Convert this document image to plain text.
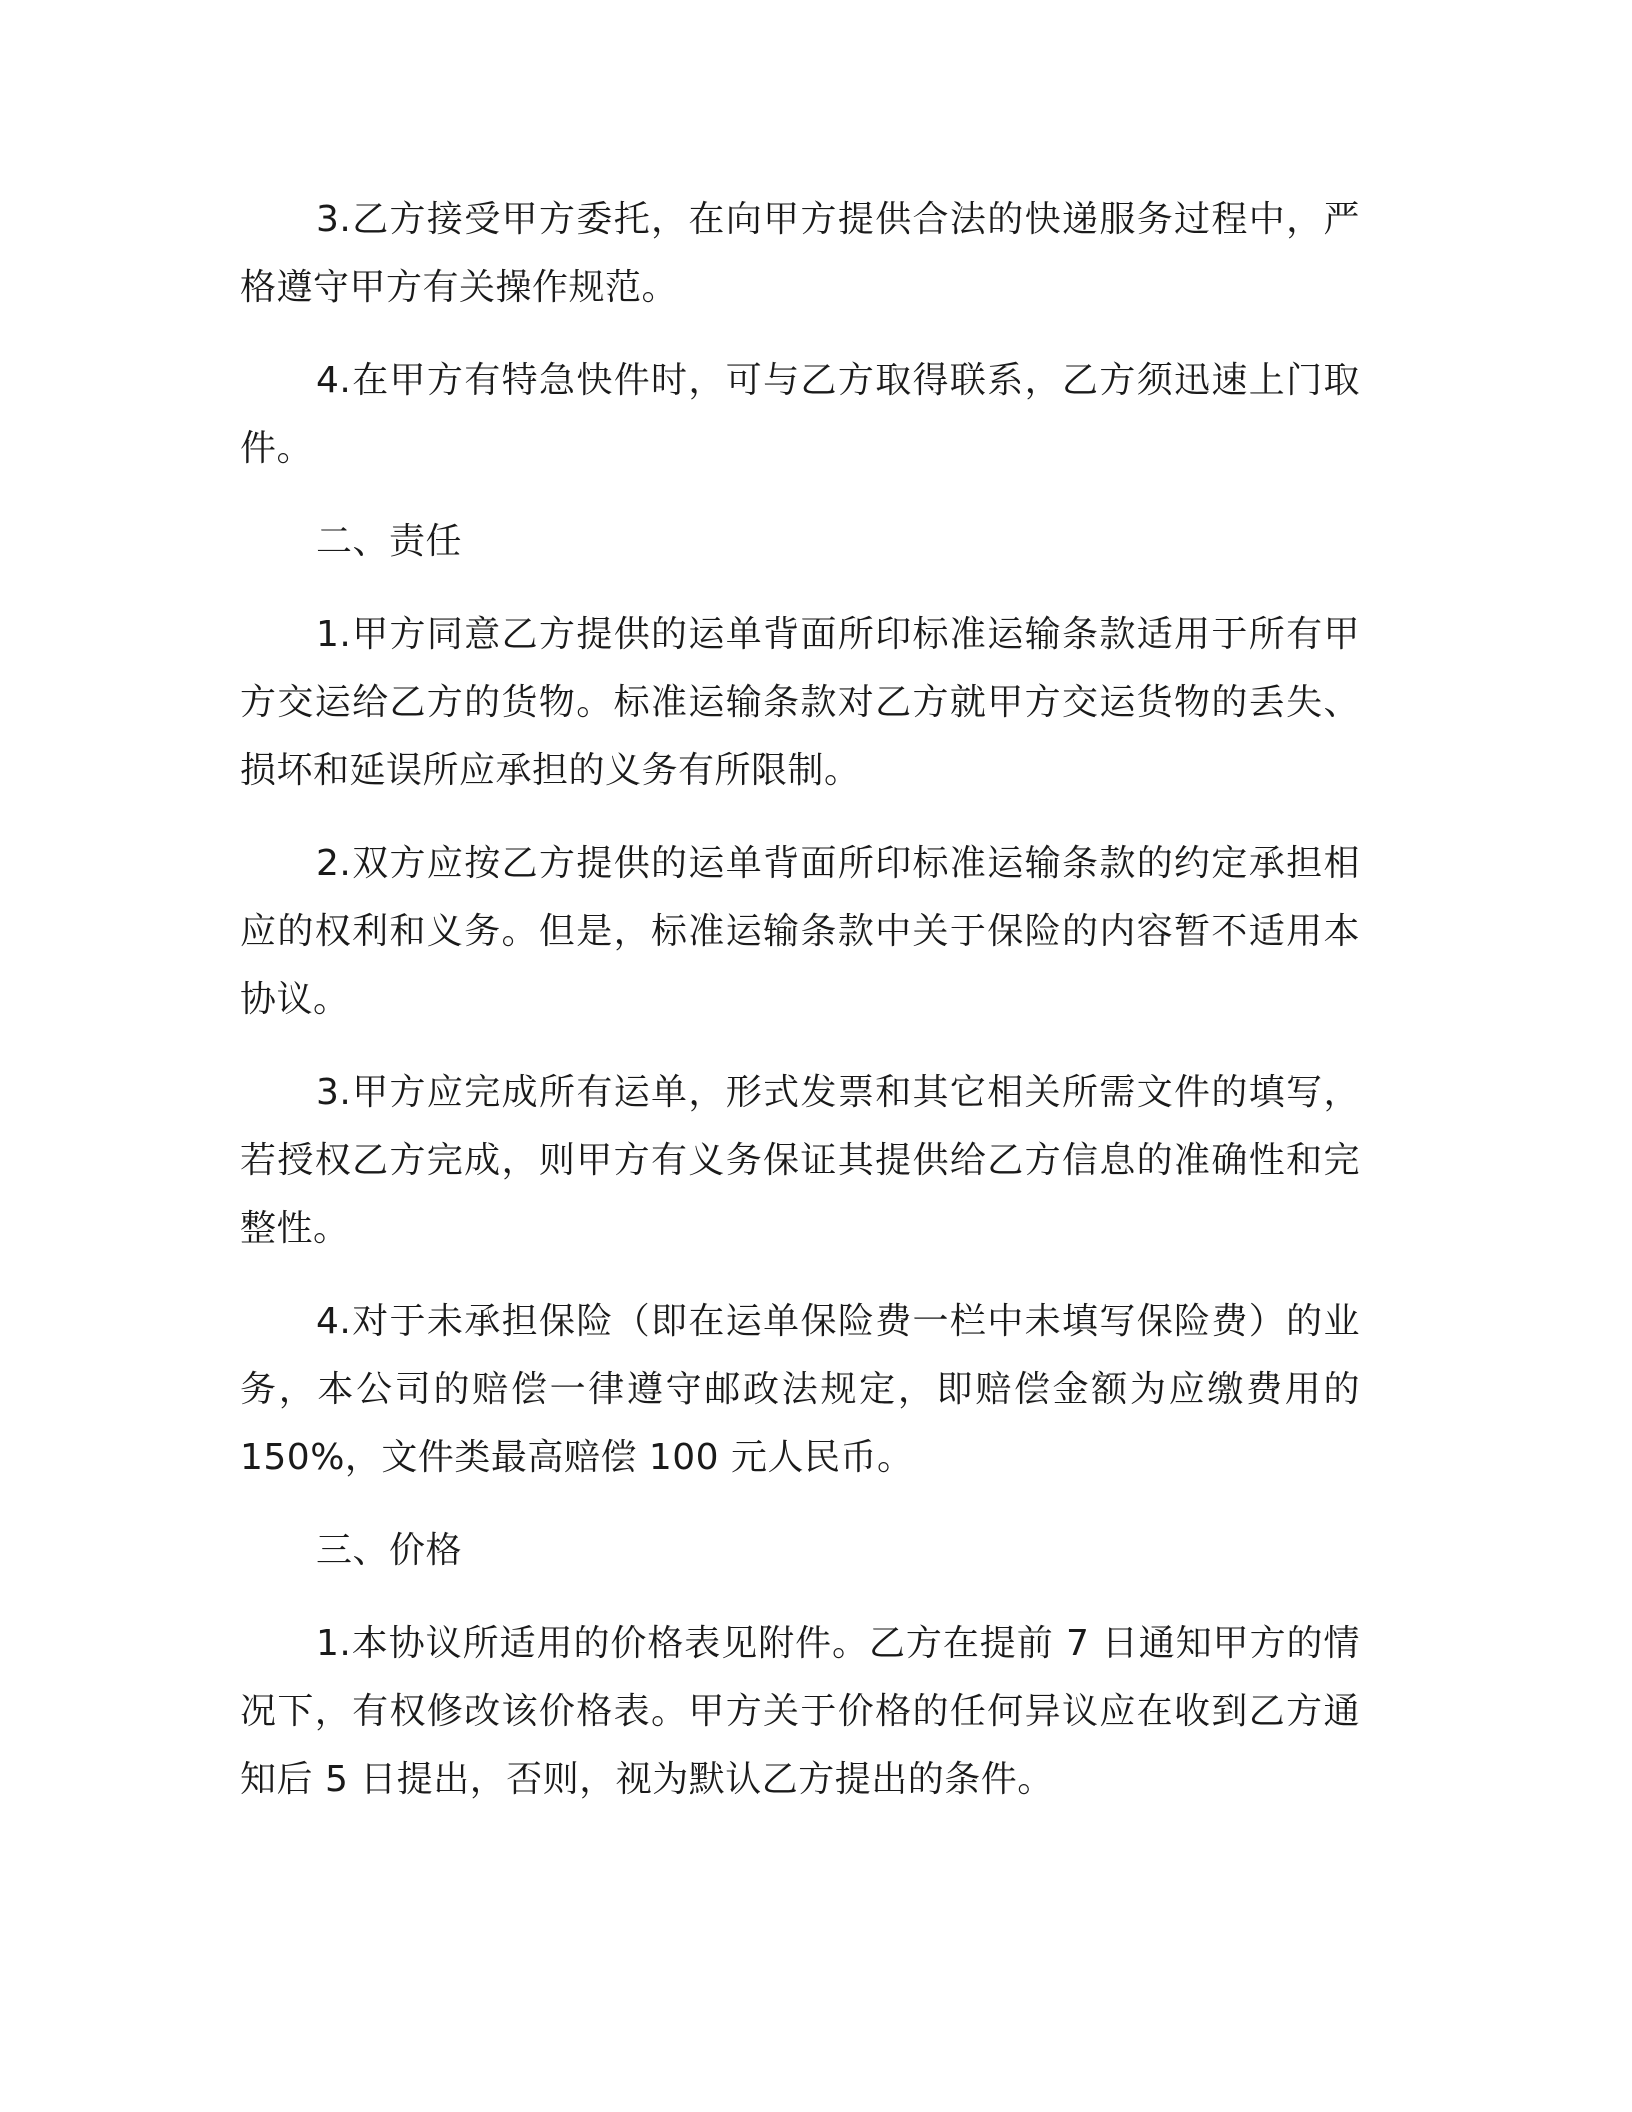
3.乙方接受甲方委托，在向甲方提供合法的快递服务过程中，严格遵守甲方有关操作规范。

4.在甲方有特急快件时，可与乙方取得联系，乙方须迅速上门取件。

二、责任

1.甲方同意乙方提供的运单背面所印标准运输条款适用于所有甲方交运给乙方的货物。标准运输条款对乙方就甲方交运货物的丢失、损坏和延误所应承担的义务有所限制。

2.双方应按乙方提供的运单背面所印标准运输条款的约定承担相应的权利和义务。但是，标准运输条款中关于保险的内容暂不适用本协议。

3.甲方应完成所有运单，形式发票和其它相关所需文件的填写，若授权乙方完成，则甲方有义务保证其提供给乙方信息的准确性和完整性。

4.对于未承担保险（即在运单保险费一栏中未填写保险费）的业务，本公司的赔偿一律遵守邮政法规定，即赔偿金额为应缴费用的150%，文件类最高赔偿 100 元人民币。

三、价格

1.本协议所适用的价格表见附件。乙方在提前 7 日通知甲方的情况下，有权修改该价格表。甲方关于价格的任何异议应在收到乙方通知后 5 日提出，否则，视为默认乙方提出的条件。
